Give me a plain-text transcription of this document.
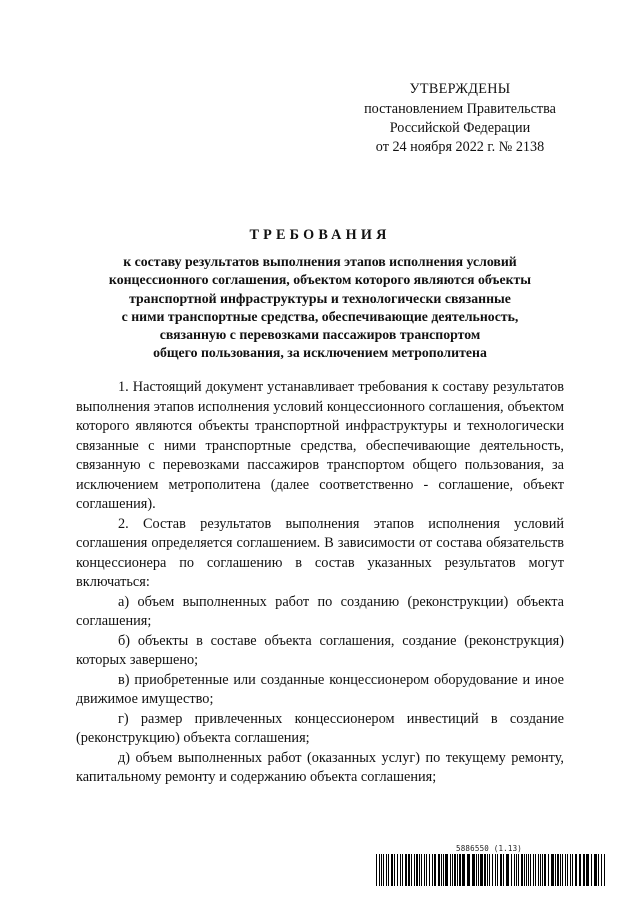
УТВЕРЖДЕНЫ
постановлением Правительства
Российской Федерации
от 24 ноября 2022 г. № 2138
ТРЕБОВАНИЯ
к составу результатов выполнения этапов исполнения условий
концессионного соглашения, объектом которого являются объекты
транспортной инфраструктуры и технологически связанные
с ними транспортные средства, обеспечивающие деятельность,
связанную с перевозками пассажиров транспортом
общего пользования, за исключением метрополитена

1. Настоящий документ устанавливает требования к составу результатов выполнения этапов исполнения условий концессионного соглашения, объектом которого являются объекты транспортной инфраструктуры и технологически связанные с ними транспортные средства, обеспечивающие деятельность, связанную с перевозками пассажиров транспортом общего пользования, за исключением метрополитена (далее соответственно - соглашение, объект соглашения).

2. Состав результатов выполнения этапов исполнения условий соглашения определяется соглашением. В зависимости от состава обязательств концессионера по соглашению в состав указанных результатов могут включаться:

а) объем выполненных работ по созданию (реконструкции) объекта соглашения;

б) объекты в составе объекта соглашения, создание (реконструкция) которых завершено;

в) приобретенные или созданные концессионером оборудование и иное движимое имущество;

г) размер привлеченных концессионером инвестиций в создание (реконструкцию) объекта соглашения;

д) объем выполненных работ (оказанных услуг) по текущему ремонту, капитальному ремонту и содержанию объекта соглашения;

5886550 (1.13)
